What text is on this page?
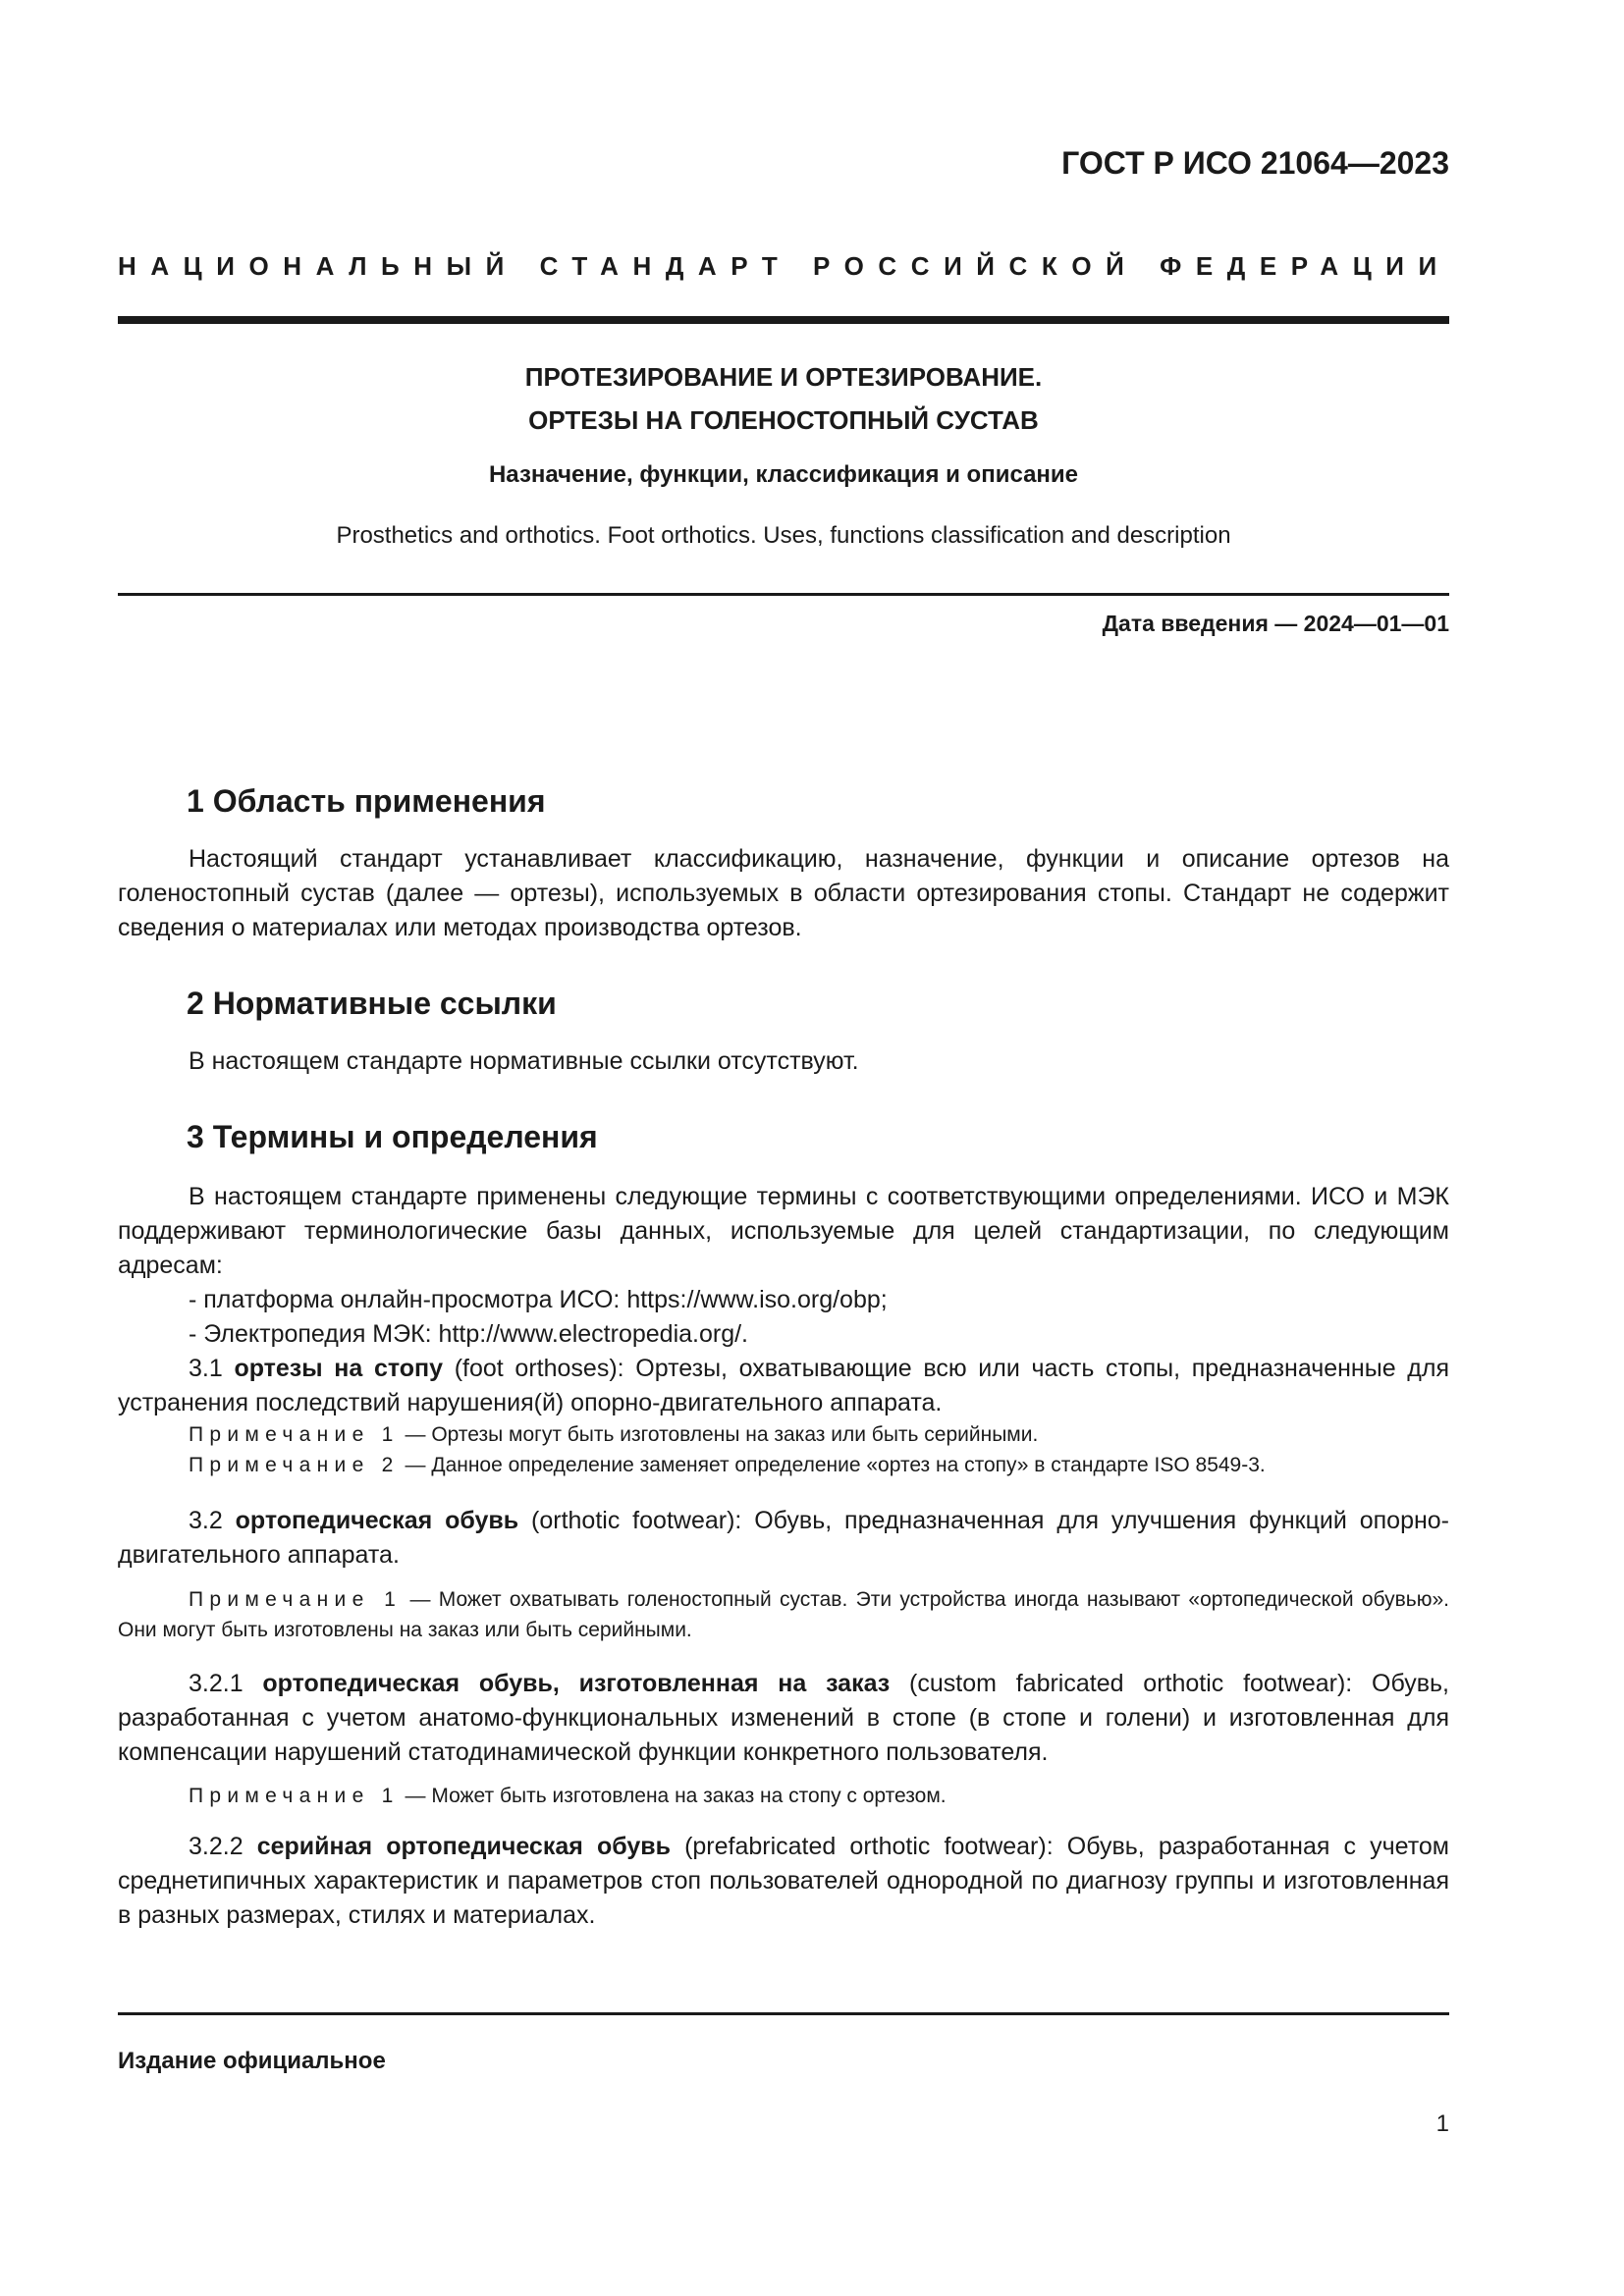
ГОСТ Р ИСО 21064—2023
НАЦИОНАЛЬНЫЙ СТАНДАРТ РОССИЙСКОЙ ФЕДЕРАЦИИ
ПРОТЕЗИРОВАНИЕ И ОРТЕЗИРОВАНИЕ.
ОРТЕЗЫ НА ГОЛЕНОСТОПНЫЙ СУСТАВ
Назначение, функции, классификация и описание
Prosthetics and orthotics. Foot orthotics. Uses, functions classification and description
Дата введения — 2024—01—01
1 Область применения

Настоящий стандарт устанавливает классификацию, назначение, функции и описание ортезов на голеностопный сустав (далее — ортезы), используемых в области ортезирования стопы. Стандарт не содержит сведения о материалах или методах производства ортезов.

2 Нормативные ссылки

В настоящем стандарте нормативные ссылки отсутствуют.

3 Термины и определения

В настоящем стандарте применены следующие термины с соответствующими определениями. ИСО и МЭК поддерживают терминологические базы данных, используемые для целей стандартизации, по следующим адресам:

- платформа онлайн-просмотра ИСО: https://www.iso.org/obp;

- Электропедия МЭК: http://www.electropedia.org/.

3.1 ортезы на стопу (foot orthoses): Ортезы, охватывающие всю или часть стопы, предназначенные для устранения последствий нарушения(й) опорно-двигательного аппарата.

Примечание 1 — Ортезы могут быть изготовлены на заказ или быть серийными.

Примечание 2 — Данное определение заменяет определение «ортез на стопу» в стандарте ISO 8549-3.

3.2 ортопедическая обувь (orthotic footwear): Обувь, предназначенная для улучшения функций опорно-двигательного аппарата.

Примечание 1 — Может охватывать голеностопный сустав. Эти устройства иногда называют «ортопедической обувью». Они могут быть изготовлены на заказ или быть серийными.

3.2.1 ортопедическая обувь, изготовленная на заказ (custom fabricated orthotic footwear): Обувь, разработанная с учетом анатомо-функциональных изменений в стопе (в стопе и голени) и изготовленная для компенсации нарушений статодинамической функции конкретного пользователя.

Примечание 1 — Может быть изготовлена на заказ на стопу с ортезом.

3.2.2 серийная ортопедическая обувь (prefabricated orthotic footwear): Обувь, разработанная с учетом среднетипичных характеристик и параметров стоп пользователей однородной по диагнозу группы и изготовленная в разных размерах, стилях и материалах.

Издание официальное
1
